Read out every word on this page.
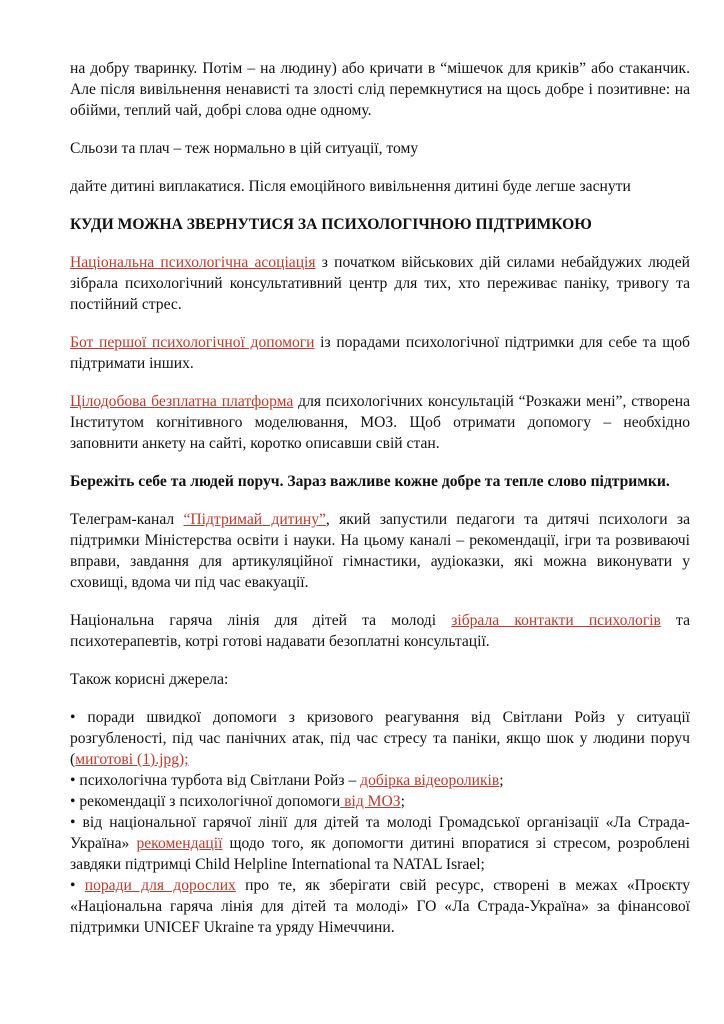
на добру тваринку. Потім – на людину) або кричати в “мішечок для криків” або стаканчик. Але після вивільнення ненависті та злості слід перемкнутися на щось добре і позитивне: на обійми, теплий чай, добрі слова одне одному.

Сльози та плач – теж нормально в цій ситуації, тому

дайте дитині виплакатися. Після емоційного вивільнення дитині буде легше заснути

КУДИ МОЖНА ЗВЕРНУТИСЯ ЗА ПСИХОЛОГІЧНОЮ ПІДТРИМКОЮ

Національна психологічна асоціація з початком військових дій силами небайдужих людей зібрала психологічний консультативний центр для тих, хто переживає паніку, тривогу та постійний стрес.

Бот першої психологічної допомоги із порадами психологічної підтримки для себе та щоб підтримати інших.

Цілодобова безплатна платформа для психологічних консультацій “Розкажи мені”, створена Інститутом когнітивного моделювання, МОЗ. Щоб отримати допомогу – необхідно заповнити анкету на сайті, коротко описавши свій стан.

Бережіть себе та людей поруч. Зараз важливе кожне добре та тепле слово підтримки.

Телеграм-канал “Підтримай дитину”, який запустили педагоги та дитячі психологи за підтримки Міністерства освіти і науки. На цьому каналі – рекомендації, ігри та розвиваючі вправи, завдання для артикуляційної гімнастики, аудіоказки, які можна виконувати у сховищі, вдома чи під час евакуації.

Національна гаряча лінія для дітей та молоді зібрала контакти психологів та психотерапевтів, котрі готові надавати безоплатні консультації.

Також корисні джерела:

• поради швидкої допомоги з кризового реагування від Світлани Ройз у ситуації розгубленості, під час панічних атак, під час стресу та паніки, якщо шок у людини поруч (миготові (1).jpg);

• психологічна турбота від Світлани Ройз – добірка відеороликів;

• рекомендації з психологічної допомоги від МОЗ;

• від національної гарячої лінії для дітей та молоді Громадської організації «Ла Страда-Україна» рекомендації щодо того, як допомогти дитині впоратися зі стресом, розроблені завдяки підтримці Child Helpline International та NATAL Israel;

• поради для дорослих про те, як зберігати свій ресурс, створені в межах «Проєкту «Національна гаряча лінія для дітей та молоді» ГО «Ла Страда-Україна» за фінансової підтримки UNICEF Ukraine та уряду Німеччини.
